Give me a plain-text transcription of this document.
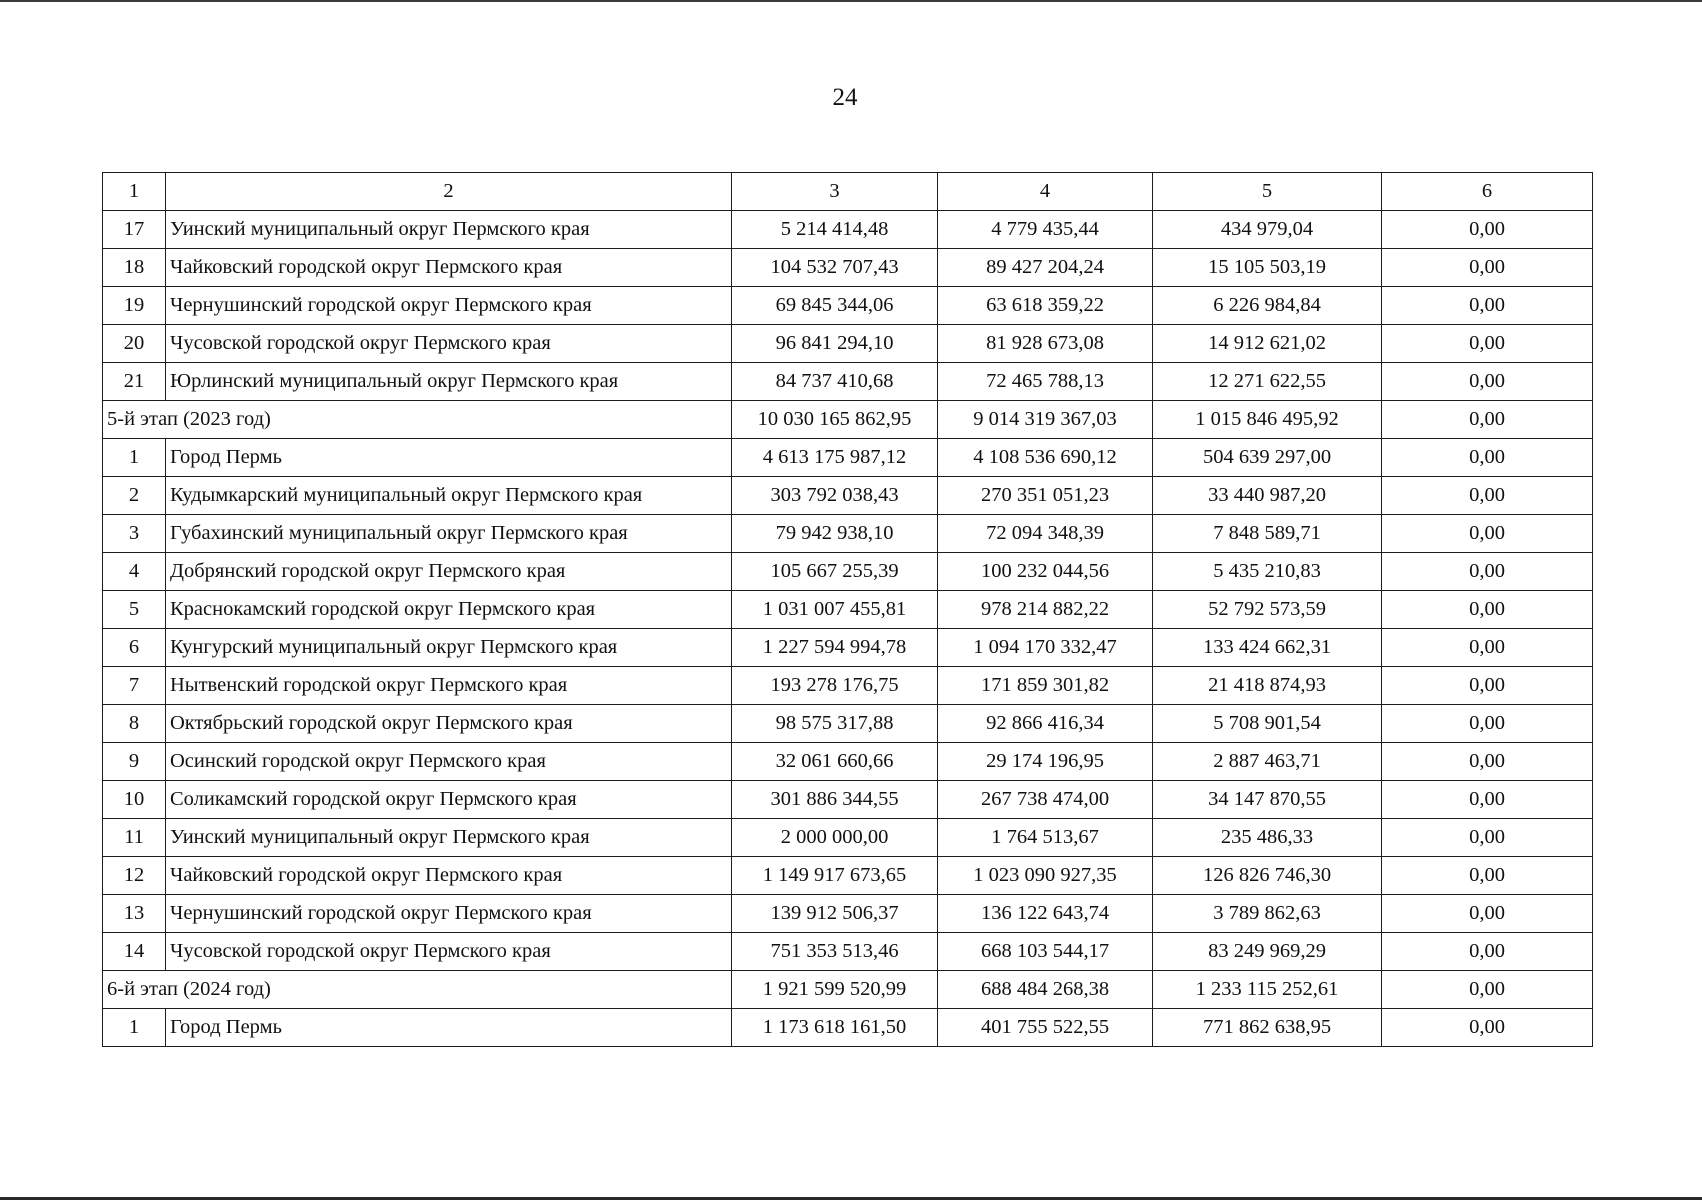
24
1	2	3	4	5	6
17	Уинский муниципальный округ Пермского края	5 214 414,48	4 779 435,44	434 979,04	0,00
18	Чайковский городской округ Пермского края	104 532 707,43	89 427 204,24	15 105 503,19	0,00
19	Чернушинский городской округ Пермского края	69 845 344,06	63 618 359,22	6 226 984,84	0,00
20	Чусовской городской округ Пермского края	96 841 294,10	81 928 673,08	14 912 621,02	0,00
21	Юрлинский муниципальный округ Пермского края	84 737 410,68	72 465 788,13	12 271 622,55	0,00
5-й этап (2023 год)		10 030 165 862,95	9 014 319 367,03	1 015 846 495,92	0,00
1	Город Пермь	4 613 175 987,12	4 108 536 690,12	504 639 297,00	0,00
2	Кудымкарский муниципальный округ Пермского края	303 792 038,43	270 351 051,23	33 440 987,20	0,00
3	Губахинский муниципальный округ Пермского края	79 942 938,10	72 094 348,39	7 848 589,71	0,00
4	Добрянский городской округ Пермского края	105 667 255,39	100 232 044,56	5 435 210,83	0,00
5	Краснокамский городской округ Пермского края	1 031 007 455,81	978 214 882,22	52 792 573,59	0,00
6	Кунгурский муниципальный округ Пермского края	1 227 594 994,78	1 094 170 332,47	133 424 662,31	0,00
7	Нытвенский городской округ Пермского края	193 278 176,75	171 859 301,82	21 418 874,93	0,00
8	Октябрьский городской округ Пермского края	98 575 317,88	92 866 416,34	5 708 901,54	0,00
9	Осинский городской округ Пермского края	32 061 660,66	29 174 196,95	2 887 463,71	0,00
10	Соликамский городской округ Пермского края	301 886 344,55	267 738 474,00	34 147 870,55	0,00
11	Уинский муниципальный округ Пермского края	2 000 000,00	1 764 513,67	235 486,33	0,00
12	Чайковский городской округ Пермского края	1 149 917 673,65	1 023 090 927,35	126 826 746,30	0,00
13	Чернушинский городской округ Пермского края	139 912 506,37	136 122 643,74	3 789 862,63	0,00
14	Чусовской городской округ Пермского края	751 353 513,46	668 103 544,17	83 249 969,29	0,00
6-й этап (2024 год)		1 921 599 520,99	688 484 268,38	1 233 115 252,61	0,00
1	Город Пермь	1 173 618 161,50	401 755 522,55	771 862 638,95	0,00
